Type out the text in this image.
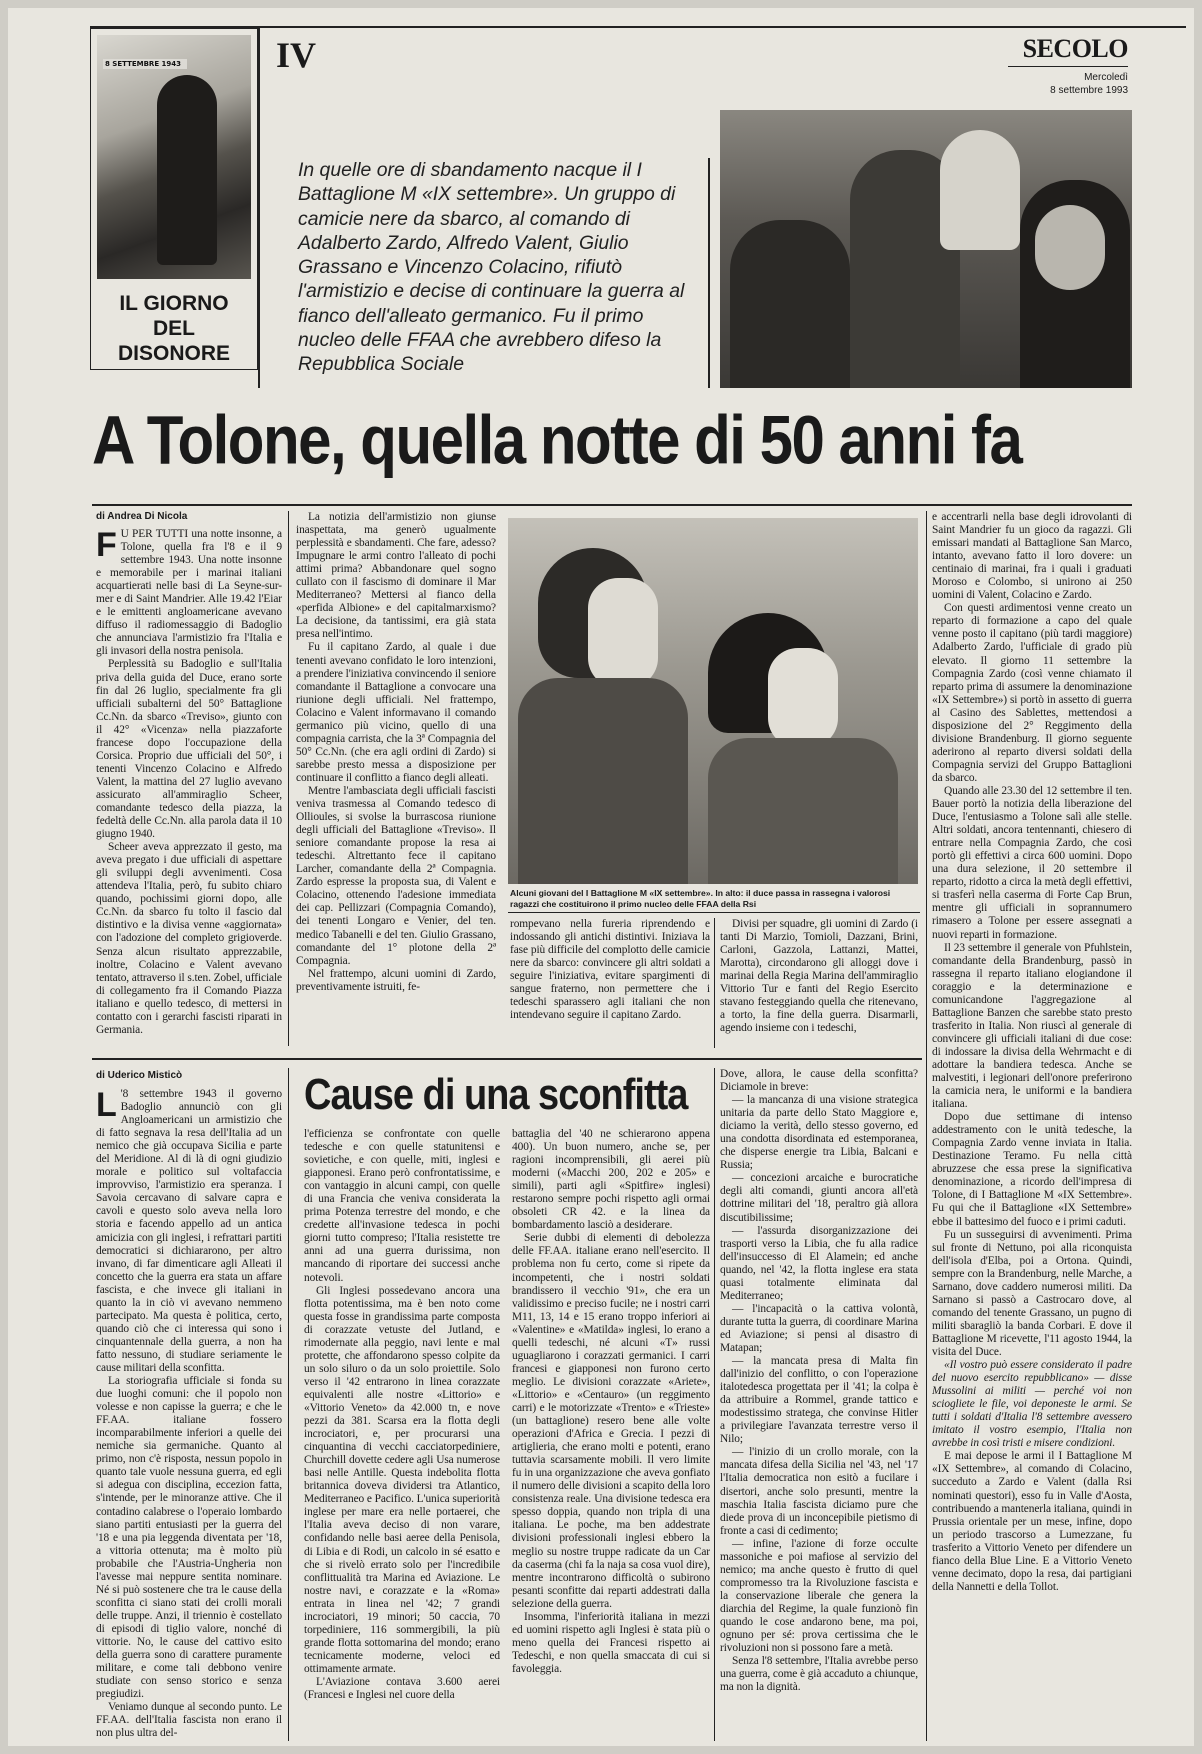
8 SETTEMBRE 1943
IL GIORNO DEL DISONORE
IV	SECOLO
Mercoledì
8 settembre 1993
In quelle ore di sbandamento nacque il I Battaglione M «IX settembre». Un gruppo di camicie nere da sbarco, al comando di Adalberto Zardo, Alfredo Valent, Giulio Grassano e Vincenzo Colacino, rifiutò l'armistizio e decise di continuare la guerra al fianco dell'alleato germanico. Fu il primo nucleo delle FFAA che avrebbero difeso la Repubblica Sociale
A Tolone, quella notte di 50 anni fa
di Andrea Di Nicola
F U PER TUTTI una notte insonne, a Tolone, quella fra l'8 e il 9 settembre 1943. Una notte insonne e memorabile per i marinai italiani acquartierati nelle basi di La Seyne-sur-mer e di Saint Mandrier. Alle 19.42 l'Eiar e le emittenti angloamericane avevano diffuso il radiomessaggio di Badoglio che annunciava l'armistizio fra l'Italia e gli invasori della nostra penisola.

Perplessità su Badoglio e sull'Italia priva della guida del Duce, erano sorte fin dal 26 luglio, specialmente fra gli ufficiali subalterni del 50° Battaglione Cc.Nn. da sbarco «Treviso», giunto con il 42° «Vicenza» nella piazzaforte francese dopo l'occupazione della Corsica. Proprio due ufficiali del 50°, i tenenti Vincenzo Colacino e Alfredo Valent, la mattina del 27 luglio avevano assicurato all'ammiraglio Scheer, comandante tedesco della piazza, la fedeltà delle Cc.Nn. alla parola data il 10 giugno 1940.

Scheer aveva apprezzato il gesto, ma aveva pregato i due ufficiali di aspettare gli sviluppi degli avvenimenti. Cosa attendeva l'Italia, però, fu subito chiaro quando, pochissimi giorni dopo, alle Cc.Nn. da sbarco fu tolto il fascio dal distintivo e la divisa venne «aggiornata» con l'adozione del completo grigioverde. Senza alcun risultato apprezzabile, inoltre, Colacino e Valent avevano tentato, attraverso il s.ten. Zobel, ufficiale di collegamento fra il Comando Piazza italiano e quello tedesco, di mettersi in contatto con i gerarchi fascisti riparati in Germania.

La notizia dell'armistizio non giunse inaspettata, ma generò ugualmente perplessità e sbandamenti. Che fare, adesso? Impugnare le armi contro l'alleato di pochi attimi prima? Abbandonare quel sogno cullato con il fascismo di dominare il Mar Mediterraneo? Mettersi al fianco della «perfida Albione» e del capitalmarxismo? La decisione, da tantissimi, era già stata presa nell'intimo.

Fu il capitano Zardo, al quale i due tenenti avevano confidato le loro intenzioni, a prendere l'iniziativa convincendo il seniore comandante il Battaglione a convocare una riunione degli ufficiali. Nel frattempo, Colacino e Valent informavano il comando germanico più vicino, quello di una compagnia carrista, che la 3ª Compagnia del 50° Cc.Nn. (che era agli ordini di Zardo) si sarebbe presto messa a disposizione per continuare il conflitto a fianco degli alleati.

Mentre l'ambasciata degli ufficiali fascisti veniva trasmessa al Comando tedesco di Ollioules, si svolse la burrascosa riunione degli ufficiali del Battaglione «Treviso». Il seniore comandante propose la resa ai tedeschi. Altrettanto fece il capitano Larcher, comandante della 2ª Compagnia. Zardo espresse la proposta sua, di Valent e Colacino, ottenendo l'adesione immediata dei cap. Pellizzari (Compagnia Comando), dei tenenti Longaro e Venier, del ten. medico Tabanelli e del ten. Giulio Grassano, comandante del 1° plotone della 2ª Compagnia.

Nel frattempo, alcuni uomini di Zardo, preventivamente istruiti, fe-

Alcuni giovani del I Battaglione M «IX settembre». In alto: il duce passa in rassegna i valorosi ragazzi che costituirono il primo nucleo delle FFAA della Rsi

rompevano nella fureria riprendendo e indossando gli antichi distintivi. Iniziava la fase più difficile del complotto delle camicie nere da sbarco: convincere gli altri soldati a seguire l'iniziativa, evitare spargimenti di sangue fraterno, non permettere che i tedeschi sparassero agli italiani che non intendevano seguire il capitano Zardo.

Divisi per squadre, gli uomini di Zardo (i tanti Di Marzio, Tomioli, Dazzani, Brini, Carloni, Gazzola, Lattanzi, Mattei, Marotta), circondarono gli alloggi dove i marinai della Regia Marina dell'ammiraglio Vittorio Tur e fanti del Regio Esercito stavano festeggiando quella che ritenevano, a torto, la fine della guerra. Disarmarli, agendo insieme con i tedeschi,

e accentrarli nella base degli idrovolanti di Saint Mandrier fu un gioco da ragazzi. Gli emissari mandati al Battaglione San Marco, intanto, avevano fatto il loro dovere: un centinaio di marinai, fra i quali i graduati Moroso e Colombo, si unirono ai 250 uomini di Valent, Colacino e Zardo.

Con questi ardimentosi venne creato un reparto di formazione a capo del quale venne posto il capitano (più tardi maggiore) Adalberto Zardo, l'ufficiale di grado più elevato. Il giorno 11 settembre la Compagnia Zardo (così venne chiamato il reparto prima di assumere la denominazione «IX Settembre») si portò in assetto di guerra al Casino des Sablettes, mettendosi a disposizione del 2° Reggimento della divisione Brandenburg. Il giorno seguente aderirono al reparto diversi soldati della Compagnia servizi del Gruppo Battaglioni da sbarco.

Quando alle 23.30 del 12 settembre il ten. Bauer portò la notizia della liberazione del Duce, l'entusiasmo a Tolone salì alle stelle. Altri soldati, ancora tentennanti, chiesero di entrare nella Compagnia Zardo, che così portò gli effettivi a circa 600 uomini. Dopo una dura selezione, il 20 settembre il reparto, ridotto a circa la metà degli effettivi, si trasferì nella caserma di Forte Cap Brun, mentre gli ufficiali in soprannumero rimasero a Tolone per essere assegnati a nuovi reparti in formazione.

Il 23 settembre il generale von Pfuhlstein, comandante della Brandenburg, passò in rassegna il reparto italiano elogiandone il coraggio e la determinazione e comunicandone l'aggregazione al Battaglione Banzen che sarebbe stato presto trasferito in Italia. Non riuscì al generale di convincere gli ufficiali italiani di due cose: di indossare la divisa della Wehrmacht e di adottare la bandiera tedesca. Anche se malvestiti, i legionari dell'onore preferirono la camicia nera, le uniformi e la bandiera italiana.

Dopo due settimane di intenso addestramento con le unità tedesche, la Compagnia Zardo venne inviata in Italia. Destinazione Teramo. Fu nella città abruzzese che essa prese la significativa denominazione, a ricordo dell'impresa di Tolone, di I Battaglione M «IX Settembre». Fu qui che il Battaglione «IX Settembre» ebbe il battesimo del fuoco e i primi caduti.

Fu un susseguirsi di avvenimenti. Prima sul fronte di Nettuno, poi alla riconquista dell'isola d'Elba, poi a Ortona. Quindi, sempre con la Brandenburg, nelle Marche, a Sarnano, dove caddero numerosi militi. Da Sarnano si passò a Castrocaro dove, al comando del tenente Grassano, un pugno di militi sbaragliò la banda Corbari. E dove il Battaglione M ricevette, l'11 agosto 1944, la visita del Duce.

«Il vostro può essere considerato il padre del nuovo esercito repubblicano» — disse Mussolini ai militi — perché voi non sciogliete le file, voi deponeste le armi. Se tutti i soldati d'Italia l'8 settembre avessero imitato il vostro esempio, l'Italia non avrebbe in così tristi e misere condizioni.

E mai depose le armi il I Battaglione M «IX Settembre», al comando di Colacino, succeduto a Zardo e Valent (dalla Rsi nominati questori), esso fu in Valle d'Aosta, contribuendo a mantenerla italiana, quindi in Prussia orientale per un mese, infine, dopo un periodo trascorso a Lumezzane, fu trasferito a Vittorio Veneto per difendere un fianco della Blue Line. E a Vittorio Veneto venne decimato, dopo la resa, dai partigiani della Nannetti e della Tollot.

di Uderico Misticò	Cause di una sconfitta
L '8 settembre 1943 il governo Badoglio annunciò con gli Angloamericani un armistizio che di fatto segnava la resa dell'Italia ad un nemico che già occupava Sicilia e parte del Meridione. Al di là di ogni giudizio morale e politico sul voltafaccia improvviso, l'armistizio era speranza. I Savoia cercavano di salvare capra e cavoli e questo solo aveva nella loro storia e facendo appello ad un antica amicizia con gli inglesi, i refrattari partiti democratici si dichiararono, per altro invano, di far dimenticare agli Alleati il concetto che la guerra era stata un affare fascista, e che invece gli italiani in quanto la in ciò vi avevano nemmeno partecipato. Ma questa è politica, certo, quando ciò che ci interessa qui sono i cinquantennale della guerra, a non ha fatto nessuno, di studiare seriamente le cause militari della sconfitta.

La storiografia ufficiale si fonda su due luoghi comuni: che il popolo non volesse e non capisse la guerra; e che le FF.AA. italiane fossero incomparabilmente inferiori a quelle dei nemiche sia germaniche. Quanto al primo, non c'è risposta, nessun popolo in quanto tale vuole nessuna guerra, ed egli si adegua con disciplina, eccezion fatta, s'intende, per le minoranze attive. Che il contadino calabrese o l'operaio lombardo siano partiti entusiasti per la guerra del '18 e una pia leggenda diventata per '18, a vittoria ottenuta; ma è molto più probabile che l'Austria-Ungheria non l'avesse mai neppure sentita nominare. Né si può sostenere che tra le cause della sconfitta ci siano stati dei crolli morali delle truppe. Anzi, il triennio è costellato di episodi di tiglio valore, nonché di vittorie. No, le cause del cattivo esito della guerra sono di carattere puramente militare, e come tali debbono venire studiate con senso storico e senza pregiudizi.

Veniamo dunque al secondo punto. Le FF.AA. dell'Italia fascista non erano il non plus ultra del-

l'efficienza se confrontate con quelle tedesche e con quelle statunitensi e sovietiche, e con quelle, miti, inglesi e giapponesi. Erano però confrontatissime, e con vantaggio in alcuni campi, con quelle di una Francia che veniva considerata la prima Potenza terrestre del mondo, e che credette all'invasione tedesca in pochi giorni tutto compreso; l'Italia resistette tre anni ad una guerra durissima, non mancando di riportare dei successi anche notevoli.

Gli Inglesi possedevano ancora una flotta potentissima, ma è ben noto come questa fosse in grandissima parte composta di corazzate vetuste del Jutland, e rimodernate alla peggio, navi lente e mal protette, che affondarono spesso colpite da un solo siluro o da un solo proiettile. Solo verso il '42 entrarono in linea corazzate equivalenti alle nostre «Littorio» e «Vittorio Veneto» da 42.000 tn, e nove pezzi da 381. Scarsa era la flotta degli incrociatori, e, per procurarsi una cinquantina di vecchi cacciatorpediniere, Churchill dovette cedere agli Usa numerose basi nelle Antille. Questa indebolita flotta britannica doveva dividersi tra Atlantico, Mediterraneo e Pacifico. L'unica superiorità inglese per mare era nelle portaerei, che l'Italia aveva deciso di non varare, confidando nelle basi aeree della Penisola, di Libia e di Rodi, un calcolo in sé esatto e che si rivelò errato solo per l'incredibile conflittualità tra Marina ed Aviazione. Le nostre navi, e corazzate e la «Roma» entrata in linea nel '42; 7 grandi incrociatori, 19 minori; 50 caccia, 70 torpediniere, 116 sommergibili, la più grande flotta sottomarina del mondo; erano tecnicamente moderne, veloci ed ottimamente armate.

L'Aviazione contava 3.600 aerei (Francesi e Inglesi nel cuore della

battaglia del '40 ne schierarono appena 400). Un buon numero, anche se, per ragioni incomprensibili, gli aerei più moderni («Macchi 200, 202 e 205» e simili), parti agli «Spitfire» inglesi) restarono sempre pochi rispetto agli ormai obsoleti CR 42. e la linea da bombardamento lasciò a desiderare.

Serie dubbi di elementi di debolezza delle FF.AA. italiane erano nell'esercito. Il problema non fu certo, come si ripete da incompetenti, che i nostri soldati brandissero il vecchio '91», che era un validissimo e preciso fucile; ne i nostri carri M11, 13, 14 e 15 erano troppo inferiori ai «Valentine» e «Matilda» inglesi, lo erano a quelli tedeschi, né alcuni «T» russi uguagliarono i corazzati germanici. I carri francesi e giapponesi non furono certo meglio. Le divisioni corazzate «Ariete», «Littorio» e «Centauro» (un reggimento carri) e le motorizzate «Trento» e «Trieste» (un battaglione) resero bene alle volte operazioni d'Africa e Grecia. I pezzi di artiglieria, che erano molti e potenti, erano tuttavia scarsamente mobili. Il vero limite fu in una organizzazione che aveva gonfiato il numero delle divisioni a scapito della loro consistenza reale. Una divisione tedesca era spesso doppia, quando non tripla di una italiana. Le poche, ma ben addestrate divisioni professionali inglesi ebbero la meglio su nostre truppe radicate da un Car da caserma (chi fa la naja sa cosa vuol dire), mentre incontrarono difficoltà o subirono pesanti sconfitte dai reparti addestrati dalla selezione della guerra.

Insomma, l'inferiorità italiana in mezzi ed uomini rispetto agli Inglesi è stata più o meno quella dei Francesi rispetto ai Tedeschi, e non quella smaccata di cui si favoleggia.

Dove, allora, le cause della sconfitta? Diciamole in breve:

— la mancanza di una visione strategica unitaria da parte dello Stato Maggiore e, diciamo la verità, dello stesso governo, ed una condotta disordinata ed estemporanea, che disperse energie tra Libia, Balcani e Russia;

— concezioni arcaiche e burocratiche degli alti comandi, giunti ancora all'età dottrine militari del '18, peraltro già allora discutibilissime;

— l'assurda disorganizzazione dei trasporti verso la Libia, che fu alla radice dell'insuccesso di El Alamein; ed anche quando, nel '42, la flotta inglese era stata quasi totalmente eliminata dal Mediterraneo;

— l'incapacità o la cattiva volontà, durante tutta la guerra, di coordinare Marina ed Aviazione; si pensi al disastro di Matapan;

— la mancata presa di Malta fin dall'inizio del conflitto, o con l'operazione italotedesca progettata per il '41; la colpa è da attribuire a Rommel, grande tattico e modestissimo stratega, che convinse Hitler a privilegiare l'avanzata terrestre verso il Nilo;

— l'inizio di un crollo morale, con la mancata difesa della Sicilia nel '43, nel '17 l'Italia democratica non esitò a fucilare i disertori, anche solo presunti, mentre la maschia Italia fascista diciamo pure che diede prova di un inconcepibile pietismo di fronte a casi di cedimento;

— infine, l'azione di forze occulte massoniche e poi mafiose al servizio del nemico; ma anche questo è frutto di quel compromesso tra la Rivoluzione fascista e la conservazione liberale che genera la diarchia del Regime, la quale funzionò fin quando le cose andarono bene, ma poi, ognuno per sé: prova certissima che le rivoluzioni non si possono fare a metà.

Senza l'8 settembre, l'Italia avrebbe perso una guerra, come è già accaduto a chiunque, ma non la dignità.
